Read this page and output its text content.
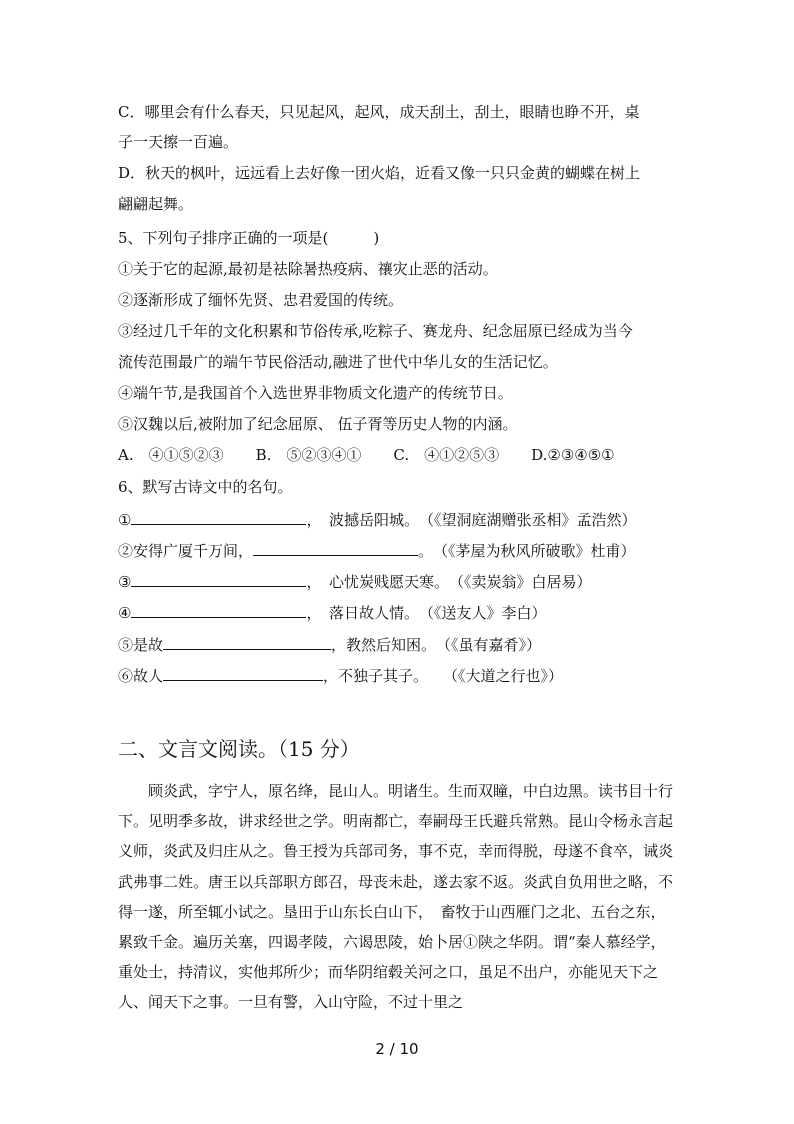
C．哪里会有什么春天，只见起风，起风，成天刮土，刮土，眼睛也睁不开，桌
子一天擦一百遍。
D．秋天的枫叶，远远看上去好像一团火焰，近看又像一只只金黄的蝴蝶在树上
翩翩起舞。
5、下列句子排序正确的一项是(　　　)
①关于它的起源,最初是祛除暑热疫病、禳灾止恶的活动。
②逐渐形成了缅怀先贤、忠君爱国的传统。
③经过几千年的文化积累和节俗传承,吃粽子、赛龙舟、纪念屈原已经成为当今
流传范围最广的端午节民俗活动,融进了世代中华儿女的生活记忆。
④端午节,是我国首个入选世界非物质文化遗产的传统节日。
⑤汉魏以后,被附加了纪念屈原、 伍子胥等历史人物的内涵。
A.　④①⑤②③ B.　⑤②③④① C.　④①②⑤③ D.②③④⑤①
6、默写古诗文中的名句。
①	，　波撼岳阳城。　（《望洞庭湖赠张丞相》孟浩然）
②安得广厦千万间，	。　（《茅屋为秋风所破歌》杜甫）
③	，　心忧炭贱愿天寒。　（《卖炭翁》白居易）
④	，　落日故人情。　（《送友人》李白）
⑤是故	，教然后知困。　（《虽有嘉肴》）
⑥故人	，不独子其子。　　（《大道之行也》）
二、文言文阅读。（15 分）
顾炎武，字宁人，原名绛，昆山人。明诸生。生而双瞳，中白边黑。读书目十行下。见明季多故，讲求经世之学。明南都亡，奉嗣母王氏避兵常熟。昆山令杨永言起义师，炎武及归庄从之。鲁王授为兵部司务，事不克，幸而得脱，母遂不食卒，诫炎武弗事二姓。唐王以兵部职方郎召，母丧未赴，遂去家不返。炎武自负用世之略，不得一遂，所至辄小试之。垦田于山东长白山下，　畜牧于山西雁门之北、五台之东，累致千金。遍历关塞，四谒孝陵，六谒思陵，始卜居①陕之华阴。谓“秦人慕经学，重处士，持清议，实他邦所少；而华阴绾毂关河之口，虽足不出户，亦能见天下之人、闻天下之事。一旦有警，入山守险，不过十里之
2 / 10
